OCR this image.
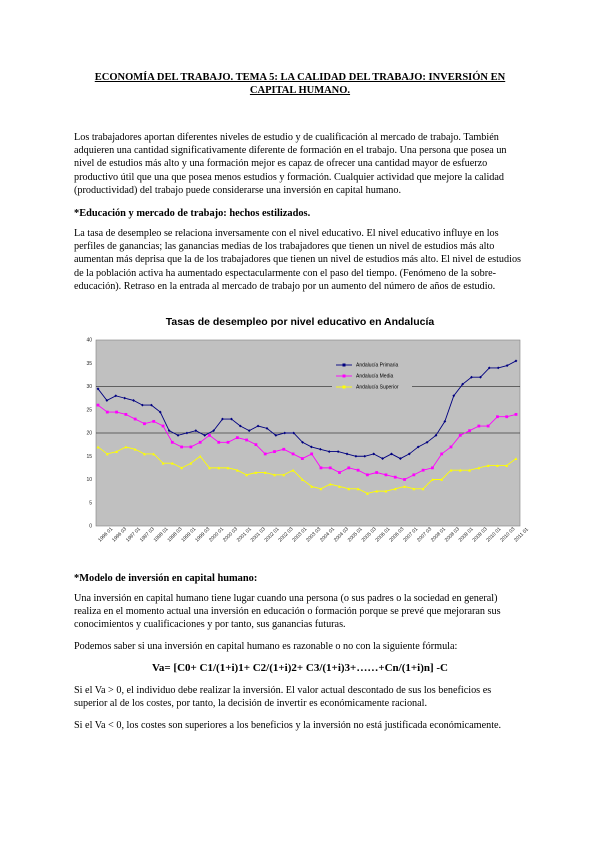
ECONOMÍA DEL TRABAJO. TEMA 5: LA CALIDAD DEL TRABAJO: INVERSIÓN EN CAPITAL HUMANO.

Los trabajadores aportan diferentes niveles de estudio y de cualificación al mercado de trabajo. También adquieren una cantidad significativamente diferente de formación en el trabajo. Una persona que posea un nivel de estudios más alto y una formación mejor es capaz de ofrecer una cantidad mayor de esfuerzo productivo útil que una que posea menos estudios y formación. Cualquier actividad que mejore la calidad (productividad) del trabajo puede considerarse una inversión en capital humano.

*Educación y mercado de trabajo: hechos estilizados.

La tasa de desempleo se relaciona inversamente con el nivel educativo. El nivel educativo influye en los perfiles de ganancias; las ganancias medias de los trabajadores que tienen un nivel de estudios más alto aumentan más deprisa que la de los trabajadores que tienen un nivel de estudios más alto. El nivel de estudios de la población activa ha aumentado espectacularmente con el paso del tiempo. (Fenómeno de la sobre-educación). Retraso en la entrada al mercado de trabajo por un aumento del número de años de estudio.

Tasas de desempleo por nivel educativo en Andalucía
0
5
10
15
20
25
30
35
40
1996 01
1996 03
1997 01
1997 03
1998 01
1998 03
1999 01
1999 03
2000 01
2000 03
2001 01
2001 03
2002 01
2002 03
2003 01
2003 03
2004 01
2004 03
2005 01
2005 03
2006 01
2006 03
2007 01
2007 03
2008 01
2008 03
2009 01
2009 03
2010 01
2010 03
2011 01
Andalucía Primaria
Andalucía Media
Andalucía Superior
*Modelo de inversión en capital humano:

Una inversión en capital humano tiene lugar cuando una persona (o sus padres o la sociedad en general) realiza en el momento actual una inversión en educación o formación porque se prevé que mejoraran sus conocimientos y cualificaciones y por tanto, sus ganancias futuras.

Podemos saber si una inversión en capital humano es razonable o no con la siguiente fórmula:

Va= [C0+ C1/(1+i)1+ C2/(1+i)2+ C3/(1+i)3+……+Cn/(1+i)n] -C

Si el Va > 0, el individuo debe realizar la inversión. El valor actual descontado de sus los beneficios es superior al de los costes, por tanto, la decisión de invertir es económicamente racional.

Si el Va < 0, los costes son superiores a los beneficios y la inversión no está justificada económicamente.
